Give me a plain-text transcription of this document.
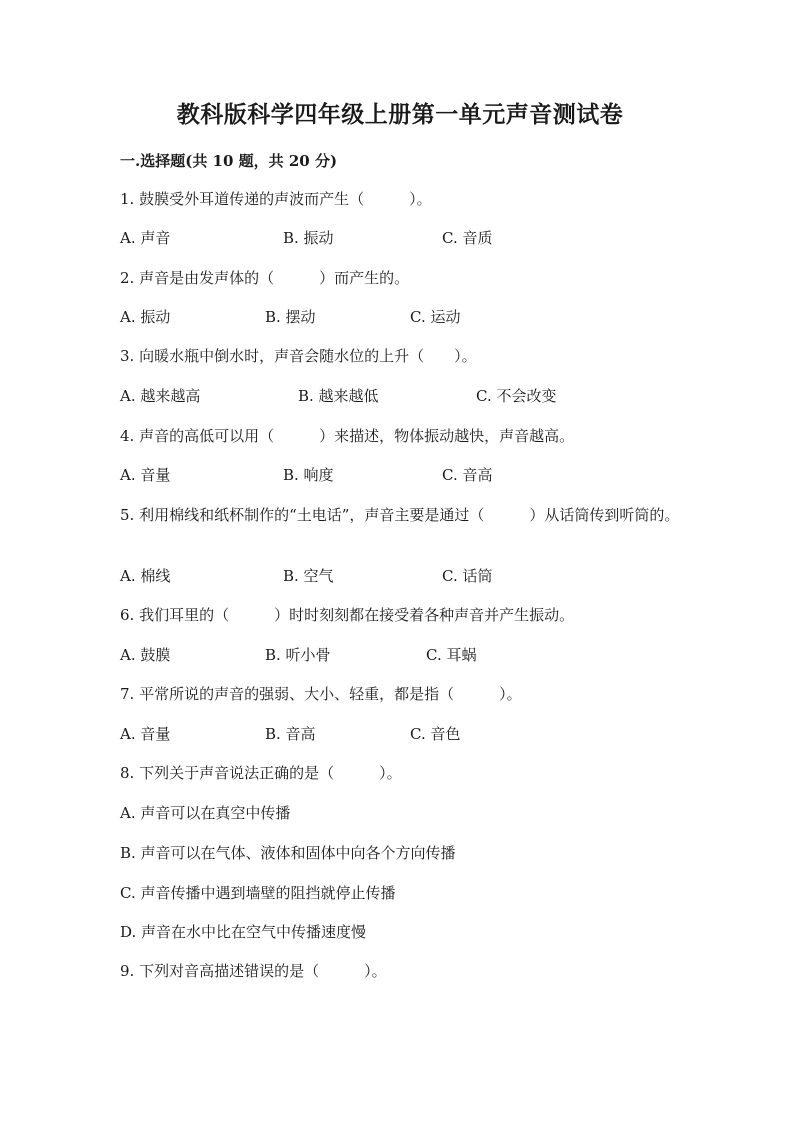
教科版科学四年级上册第一单元声音测试卷
一.选择题(共 10 题，共 20 分)
1. 鼓膜受外耳道传递的声波而产生（　　　）。
A. 声音	B. 振动	C. 音质
2. 声音是由发声体的（　　　）而产生的。
A. 振动	B. 摆动	C. 运动
3. 向暖水瓶中倒水时，声音会随水位的上升（　　）。
A. 越来越高	B. 越来越低	C. 不会改变
4. 声音的高低可以用（　　　）来描述，物体振动越快，声音越高。
A. 音量	B. 响度	C. 音高
5. 利用棉线和纸杯制作的“土电话”，声音主要是通过（　　　）从话筒传到听筒的。
A. 棉线	B. 空气	C. 话筒
6. 我们耳里的（　　　）时时刻刻都在接受着各种声音并产生振动。
A. 鼓膜	B. 听小骨	C. 耳蜗
7. 平常所说的声音的强弱、大小、轻重，都是指（　　　）。
A. 音量	B. 音高	C. 音色
8. 下列关于声音说法正确的是（　　　）。
A. 声音可以在真空中传播
B. 声音可以在气体、液体和固体中向各个方向传播
C. 声音传播中遇到墙壁的阻挡就停止传播
D. 声音在水中比在空气中传播速度慢
9. 下列对音高描述错误的是（　　　）。
